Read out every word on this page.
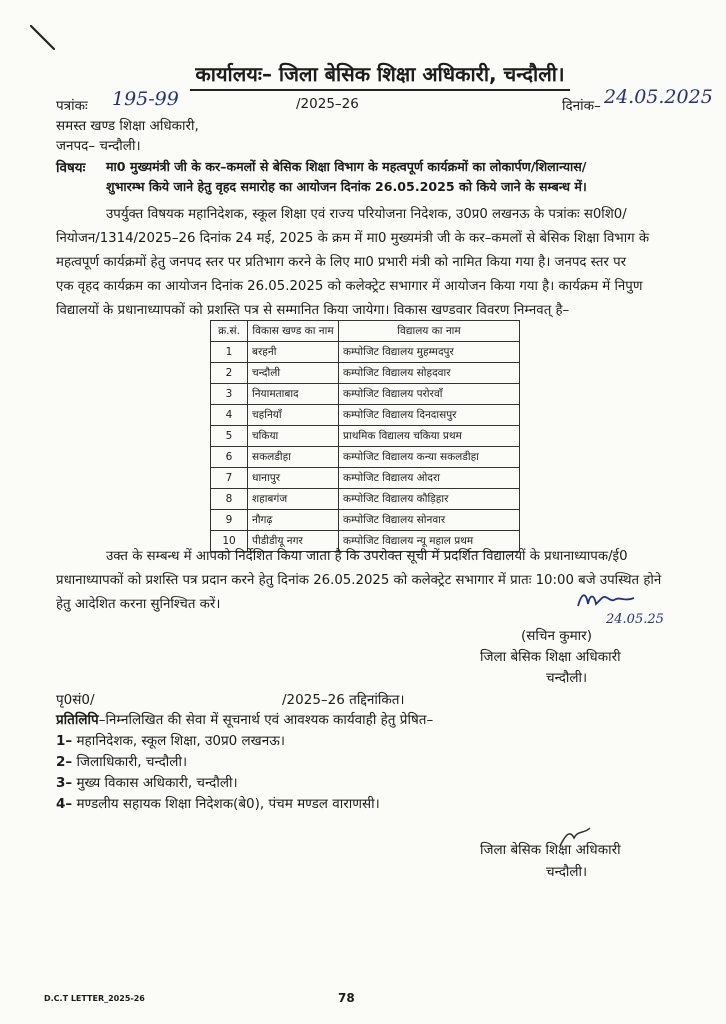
कार्यालयः– जिला बेसिक शिक्षा अधिकारी, चन्दौली।
पत्रांकः 195-99	/2025–26	दिनांक– 24.05.2025
समस्त खण्ड शिक्षा अधिकारी,
जनपद– चन्दौली।
विषयः मा0 मुख्यमंत्री जी के कर–कमलों से बेसिक शिक्षा विभाग के महत्वपूर्ण कार्यक्रमों का लोकार्पण/शिलान्यास/
शुभारम्भ किये जाने हेतु वृहद समारोह का आयोजन दिनांक 26.05.2025 को किये जाने के सम्बन्ध में।
उपर्युक्त विषयक महानिदेशक, स्कूल शिक्षा एवं राज्य परियोजना निदेशक, उ0प्र0 लखनऊ के पत्रांकः स0शि0/
नियोजन/1314/2025–26 दिनांक 24 मई, 2025 के क्रम में मा0 मुख्यमंत्री जी के कर–कमलों से बेसिक शिक्षा विभाग के
महत्वपूर्ण कार्यक्रमों हेतु जनपद स्तर पर प्रतिभाग करने के लिए मा0 प्रभारी मंत्री को नामित किया गया है। जनपद स्तर पर
एक वृहद कार्यक्रम का आयोजन दिनांक 26.05.2025 को कलेक्ट्रेट सभागार में आयोजन किया गया है। कार्यक्रम में निपुण
विद्यालयों के प्रधानाध्यापकों को प्रशस्ति पत्र से सम्मानित किया जायेगा। विकास खण्डवार विवरण निम्नवत् है–
क्र.सं.	विकास खण्ड का नाम	विद्यालय का नाम
1	बरहनी	कम्पोजिट विद्यालय मुहम्मदपुर
2	चन्दौली	कम्पोजिट विद्यालय सोहदवार
3	नियामताबाद	कम्पोजिट विद्यालय परोरवॉं
4	चहनियॉं	कम्पोजिट विद्यालय दिनदासपुर
5	चकिया	प्राथमिक विद्यालय चकिया प्रथम
6	सकलडीहा	कम्पोजिट विद्यालय कन्या सकलडीहा
7	धानापुर	कम्पोजिट विद्यालय ओदरा
8	शहाबगंज	कम्पोजिट विद्यालय कौड़िहार
9	नौगढ़	कम्पोजिट विद्यालय सोनवार
10	पीडीडीयू नगर	कम्पोजिट विद्यालय न्यू महाल प्रथम
उक्त के सम्बन्ध में आपको निर्देशित किया जाता है कि उपरोक्त सूची में प्रदर्शित विद्यालयों के प्रधानाध्यापक/ई0
प्रधानाध्यापकों को प्रशस्ति पत्र प्रदान करने हेतु दिनांक 26.05.2025 को कलेक्ट्रेट सभागार में प्रातः 10:00 बजे उपस्थित होने
हेतु आदेशित करना सुनिश्चित करें।
24.05.25
(सचिन कुमार)
जिला बेसिक शिक्षा अधिकारी
चन्दौली।
पृ0सं0/	/2025–26 तद्दिनांकित।
प्रतिलिपि–निम्नलिखित की सेवा में सूचनार्थ एवं आवश्यक कार्यवाही हेतु प्रेषित–
1– महानिदेशक, स्कूल शिक्षा, उ0प्र0 लखनऊ।
2– जिलाधिकारी, चन्दौली।
3– मुख्य विकास अधिकारी, चन्दौली।
4– मण्डलीय सहायक शिक्षा निदेशक(बे0), पंचम मण्डल वाराणसी।
जिला बेसिक शिक्षा अधिकारी
चन्दौली।
D.C.T LETTER_2025-26	78
